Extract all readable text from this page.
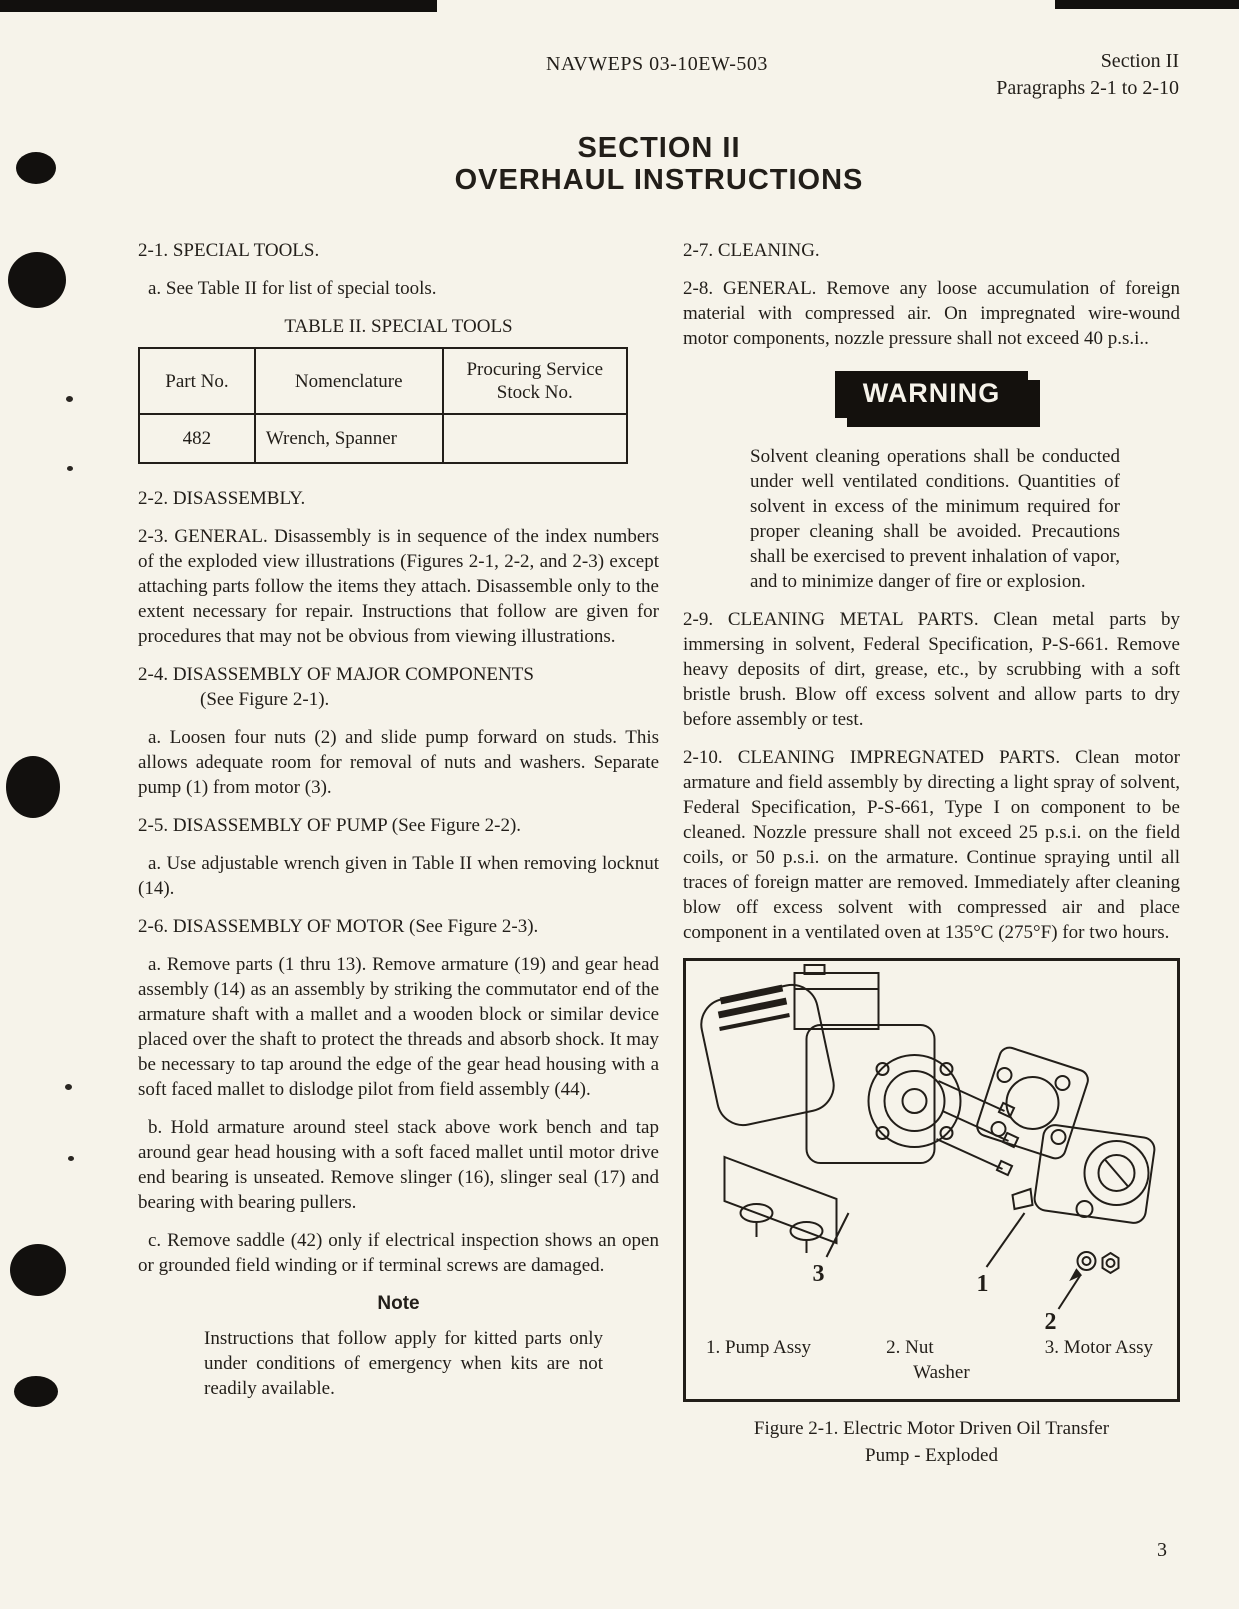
NAVWEPS 03-10EW-503	Section II
Paragraphs 2-1 to 2-10
SECTION II
OVERHAUL INSTRUCTIONS
2-1. SPECIAL TOOLS.
a. See Table II for list of special tools.
TABLE II. SPECIAL TOOLS
Part No.	Nomenclature	Procuring Service
Stock No.

482	Wrench, Spanner	
2-2. DISASSEMBLY.
2-3. GENERAL. Disassembly is in sequence of the index numbers of the exploded view illustrations (Figures 2-1, 2-2, and 2-3) except attaching parts follow the items they attach. Disassemble only to the extent necessary for repair. Instructions that follow are given for procedures that may not be obvious from viewing illustrations.
2-4. DISASSEMBLY OF MAJOR COMPONENTS
(See Figure 2-1).
a. Loosen four nuts (2) and slide pump forward on studs. This allows adequate room for removal of nuts and washers. Separate pump (1) from motor (3).
2-5. DISASSEMBLY OF PUMP (See Figure 2-2).
a. Use adjustable wrench given in Table II when removing locknut (14).
2-6. DISASSEMBLY OF MOTOR (See Figure 2-3).
a. Remove parts (1 thru 13). Remove armature (19) and gear head assembly (14) as an assembly by striking the commutator end of the armature shaft with a mallet and a wooden block or similar device placed over the shaft to protect the threads and absorb shock. It may be necessary to tap around the edge of the gear head housing with a soft faced mallet to dislodge pilot from field assembly (44).
b. Hold armature around steel stack above work bench and tap around gear head housing with a soft faced mallet until motor drive end bearing is unseated. Remove slinger (16), slinger seal (17) and bearing with bearing pullers.
c. Remove saddle (42) only if electrical inspection shows an open or grounded field winding or if terminal screws are damaged.
Note
Instructions that follow apply for kitted parts only under conditions of emergency when kits are not readily available.
2-7. CLEANING.
2-8. GENERAL. Remove any loose accumulation of foreign material with compressed air. On impregnated wire-wound motor components, nozzle pressure shall not exceed 40 p.s.i..
WARNING
Solvent cleaning operations shall be conducted under well ventilated conditions. Quantities of solvent in excess of the minimum required for proper cleaning shall be avoided. Precautions shall be exercised to prevent inhalation of vapor, and to minimize danger of fire or explosion.
2-9. CLEANING METAL PARTS. Clean metal parts by immersing in solvent, Federal Specification, P-S-661. Remove heavy deposits of dirt, grease, etc., by scrubbing with a soft bristle brush. Blow off excess solvent and allow parts to dry before assembly or test.
2-10. CLEANING IMPREGNATED PARTS. Clean motor armature and field assembly by directing a light spray of solvent, Federal Specification, P-S-661, Type I on component to be cleaned. Nozzle pressure shall not exceed 25 p.s.i. on the field coils, or 50 p.s.i. on the armature. Continue spraying until all traces of foreign matter are removed. Immediately after cleaning blow off excess solvent with compressed air and place component in a ventilated oven at 135°C (275°F) for two hours.
3	1
2
1. Pump Assy	2. Nut
Washer
3. Motor Assy
Figure 2-1. Electric Motor Driven Oil Transfer
Pump - Exploded
3
